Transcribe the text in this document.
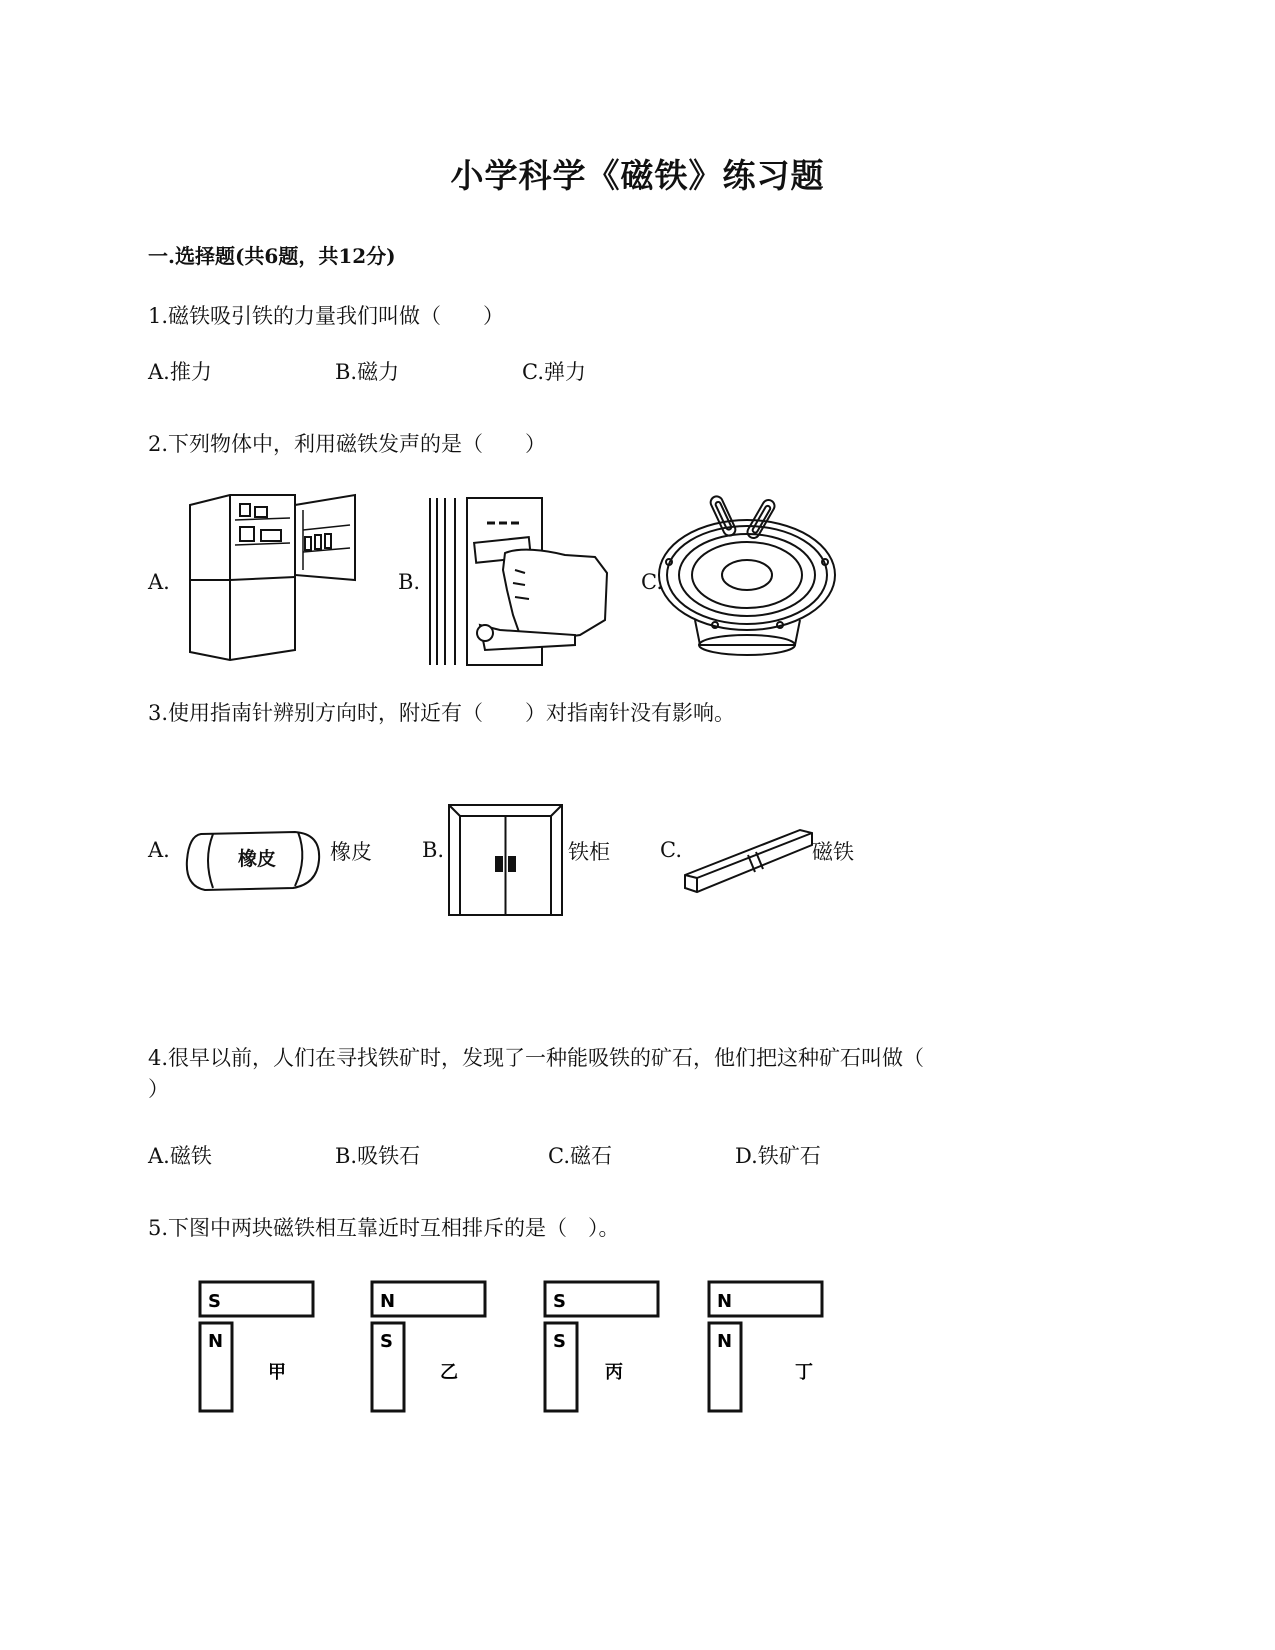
小学科学《磁铁》练习题
一.选择题(共6题，共12分)
1.磁铁吸引铁的力量我们叫做（　　）
A.推力	B.磁力	C.弹力
2.下列物体中，利用磁铁发声的是（　　）
A.	B.	C.
3.使用指南针辨别方向时，附近有（　　）对指南针没有影响。
A.	橡皮 B.	铁柜 C.	磁铁
橡皮
4.很早以前，人们在寻找铁矿时，发现了一种能吸铁的矿石，他们把这种矿石叫做（
）
A.磁铁	B.吸铁石	C.磁石	D.铁矿石
5.下图中两块磁铁相互靠近时互相排斥的是（　）。
S
N
甲
N
S
乙
S
S
丙
N
N
丁
